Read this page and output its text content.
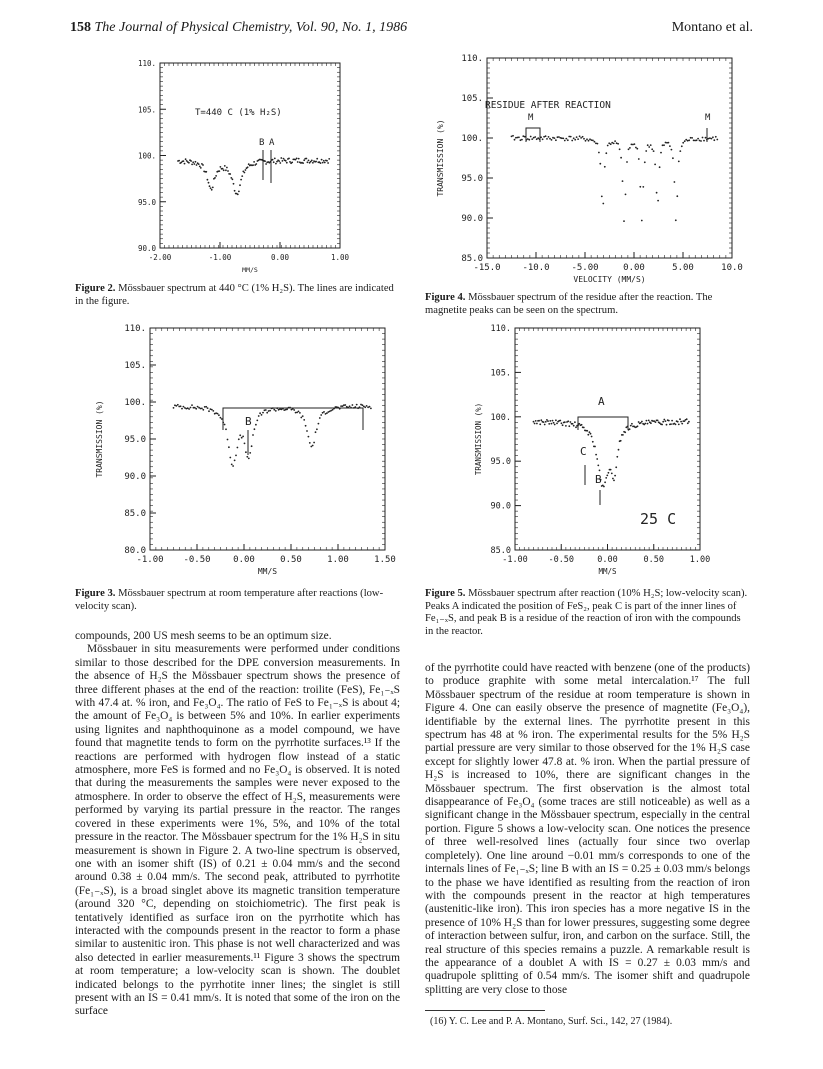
158 The Journal of Physical Chemistry, Vol. 90, No. 1, 1986	Montano et al.
-2.00	-1.00	0.00	1.00
90.0
95.0
100.
105.
110.
MM/S
T=440 C (1% H₂S)
B A
Figure 2. Mössbauer spectrum at 440 °C (1% H₂S). The lines are indicated in the figure.
-1.00 -0.50	0.00	0.50	1.00	1.50
80.0
85.0
90.0
95.0
100.
105.
110.
MM/S
TRANSMISSION (%)	B
Figure 3. Mössbauer spectrum at room temperature after reactions (low-velocity scan).
-15.0 -10.0 -5.00	0.00	5.00	10.0
85.0
90.0
95.0
100.
105.
110.
VELOCITY (MM/S)
TRANSMISSION (%)
RESIDUE AFTER REACTION
M	M
Figure 4. Mössbauer spectrum of the residue after the reaction. The magnetite peaks can be seen on the spectrum.
-1.00 -0.50	0.00	0.50	1.00
85.0
90.0
95.0
100.
105.
110.
MM/S
TRANSMISSION (%)
A
C
B
25 C
Figure 5. Mössbauer spectrum after reaction (10% H₂S; low-velocity scan). Peaks A indicated the position of FeS₂, peak C is part of the inner lines of Fe₁₋ₓS, and peak B is a residue of the reaction of iron with the compounds in the reactor.

compounds, 200 US mesh seems to be an optimum size.

Mössbauer in situ measurements were performed under conditions similar to those described for the DPE conversion measurements. In the absence of H₂S the Mössbauer spectrum shows the presence of three different phases at the end of the reaction: troilite (FeS), Fe₁₋ₓS with 47.4 at. % iron, and Fe₃O₄. The ratio of FeS to Fe₁₋ₓS is about 4; the amount of Fe₃O₄ is between 5% and 10%. In earlier experiments using lignites and naphthoquinone as a model compound, we have found that magnetite tends to form on the pyrrhotite surfaces.¹³ If the reactions are performed with hydrogen flow instead of a static atmosphere, more FeS is formed and no Fe₃O₄ is observed. It is noted that during the measurements the samples were never exposed to the atmosphere. In order to observe the effect of H₂S, measurements were performed by varying its partial pressure in the reactor. The ranges covered in these experiments were 1%, 5%, and 10% of the total pressure in the reactor. The Mössbauer spectrum for the 1% H₂S in situ measurement is shown in Figure 2. A two-line spectrum is observed, one with an isomer shift (IS) of 0.21 ± 0.04 mm/s and the second around 0.38 ± 0.04 mm/s. The second peak, attributed to pyrrhotite (Fe₁₋ₓS), is a broad singlet above its magnetic transition temperature (around 320 °C, depending on stoichiometric). The first peak is tentatively identified as surface iron on the pyrrhotite which has interacted with the compounds present in the reactor to form a phase similar to austenitic iron. This phase is not well characterized and was also detected in earlier measurements.¹¹ Figure 3 shows the spectrum at room temperature; a low-velocity scan is shown. The doublet indicated belongs to the pyrrhotite inner lines; the singlet is still present with an IS = 0.41 mm/s. It is noted that some of the iron on the surface

of the pyrrhotite could have reacted with benzene (one of the products) to produce graphite with some metal intercalation.¹⁷ The full Mössbauer spectrum of the residue at room temperature is shown in Figure 4. One can easily observe the presence of magnetite (Fe₃O₄), identifiable by the external lines. The pyrrhotite present in this spectrum has 48 at % iron. The experimental results for the 5% H₂S partial pressure are very similar to those observed for the 1% H₂S case except for slightly lower 47.8 at. % iron. When the partial pressure of H₂S is increased to 10%, there are significant changes in the Mössbauer spectrum. The first observation is the almost total disappearance of Fe₃O₄ (some traces are still noticeable) as well as a significant change in the Mössbauer spectrum, especially in the central portion. Figure 5 shows a low-velocity scan. One notices the presence of three well-resolved lines (actually four since two overlap completely). One line around −0.01 mm/s corresponds to one of the internals lines of Fe₁₋ₓS; line B with an IS = 0.25 ± 0.03 mm/s belongs to the phase we have identified as resulting from the reaction of iron with the compounds present in the reactor at high temperatures (austenitic-like iron). This iron species has a more negative IS in the presence of 10% H₂S than for lower pressures, suggesting some degree of interaction between sulfur, iron, and carbon on the surface. Still, the real structure of this species remains a puzzle. A remarkable result is the appearance of a doublet A with IS = 0.27 ± 0.03 mm/s and quadrupole splitting of 0.54 mm/s. The isomer shift and quadrupole splitting are very close to those

(16) Y. C. Lee and P. A. Montano, Surf. Sci., 142, 27 (1984).
